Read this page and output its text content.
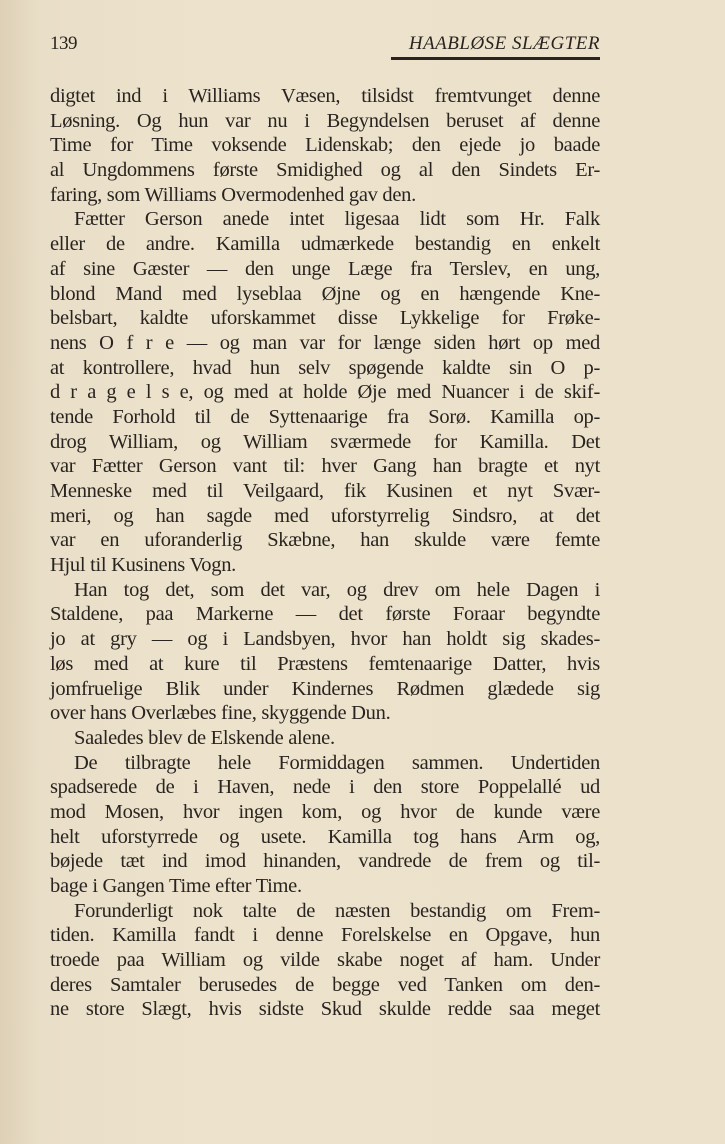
139	HAABLØSE SLÆGTER
digtet ind i Williams Væsen, tilsidst fremtvunget denne
Løsning. Og hun var nu i Begyndelsen beruset af denne
Time for Time voksende Lidenskab; den ejede jo baade
al Ungdommens første Smidighed og al den Sindets Er-
faring, som Williams Overmodenhed gav den.
Fætter Gerson anede intet ligesaa lidt som Hr. Falk
eller de andre. Kamilla udmærkede bestandig en enkelt
af sine Gæster — den unge Læge fra Terslev, en ung,
blond Mand med lyseblaa Øjne og en hængende Kne-
belsbart, kaldte uforskammet disse Lykkelige for Frøke-
nens O f r e — og man var for længe siden hørt op med
at kontrollere, hvad hun selv spøgende kaldte sin O p-
d r a g e l s e, og med at holde Øje med Nuancer i de skif-
tende Forhold til de Syttenaarige fra Sorø. Kamilla op-
drog William, og William sværmede for Kamilla. Det
var Fætter Gerson vant til: hver Gang han bragte et nyt
Menneske med til Veilgaard, fik Kusinen et nyt Svær-
meri, og han sagde med uforstyrrelig Sindsro, at det
var en uforanderlig Skæbne, han skulde være femte
Hjul til Kusinens Vogn.
Han tog det, som det var, og drev om hele Dagen i
Staldene, paa Markerne — det første Foraar begyndte
jo at gry — og i Landsbyen, hvor han holdt sig skades-
løs med at kure til Præstens femtenaarige Datter, hvis
jomfruelige Blik under Kindernes Rødmen glædede sig
over hans Overlæbes fine, skyggende Dun.
Saaledes blev de Elskende alene.
De tilbragte hele Formiddagen sammen. Undertiden
spadserede de i Haven, nede i den store Poppelallé ud
mod Mosen, hvor ingen kom, og hvor de kunde være
helt uforstyrrede og usete. Kamilla tog hans Arm og,
bøjede tæt ind imod hinanden, vandrede de frem og til-
bage i Gangen Time efter Time.
Forunderligt nok talte de næsten bestandig om Frem-
tiden. Kamilla fandt i denne Forelskelse en Opgave, hun
troede paa William og vilde skabe noget af ham. Under
deres Samtaler berusedes de begge ved Tanken om den-
ne store Slægt, hvis sidste Skud skulde redde saa meget
